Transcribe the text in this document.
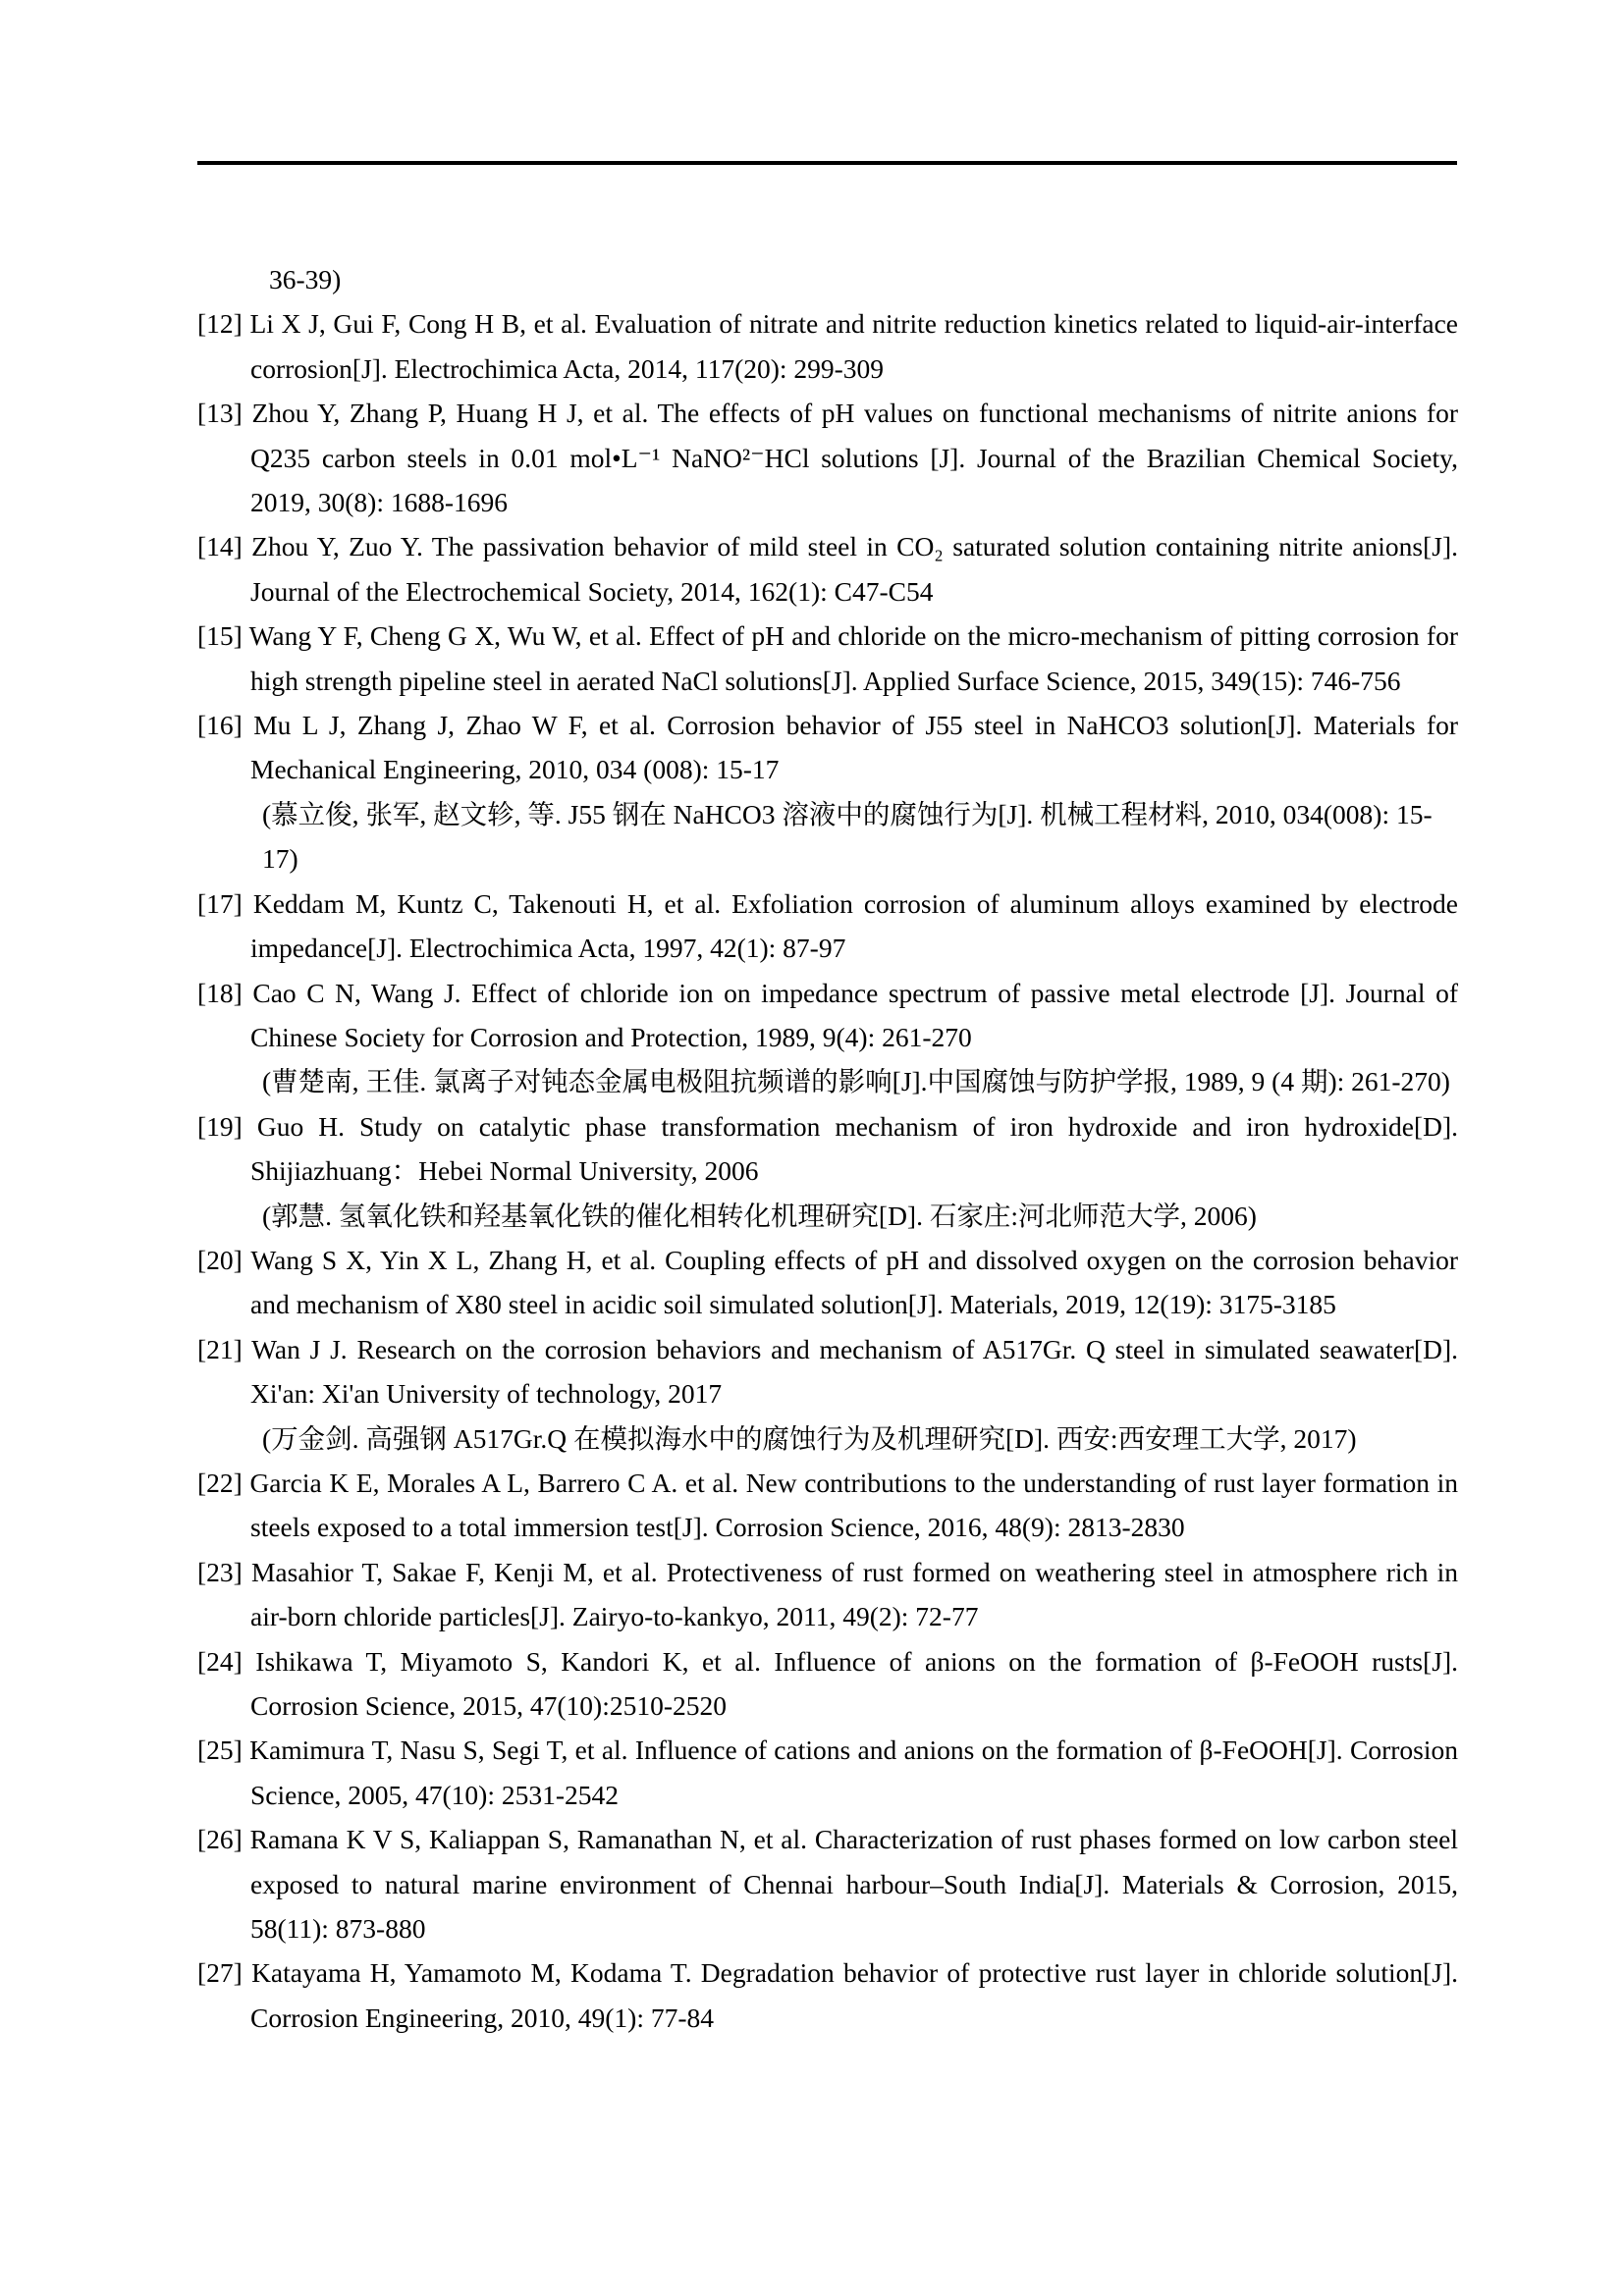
36-39)

[12] Li X J, Gui F, Cong H B, et al. Evaluation of nitrate and nitrite reduction kinetics related to liquid-air-interface corrosion[J]. Electrochimica Acta, 2014, 117(20): 299-309

[13] Zhou Y, Zhang P, Huang H J, et al. The effects of pH values on functional mechanisms of nitrite anions for Q235 carbon steels in 0.01 mol•L⁻¹ NaNO²⁻HCl solutions [J]. Journal of the Brazilian Chemical Society, 2019, 30(8): 1688-1696

[14] Zhou Y, Zuo Y. The passivation behavior of mild steel in CO₂ saturated solution containing nitrite anions[J]. Journal of the Electrochemical Society, 2014, 162(1): C47-C54

[15] Wang Y F, Cheng G X, Wu W, et al. Effect of pH and chloride on the micro-mechanism of pitting corrosion for high strength pipeline steel in aerated NaCl solutions[J]. Applied Surface Science, 2015, 349(15): 746-756

[16] Mu L J, Zhang J, Zhao W F, et al. Corrosion behavior of J55 steel in NaHCO3 solution[J]. Materials for Mechanical Engineering, 2010, 034 (008): 15-17

(慕立俊, 张军, 赵文轸, 等. J55 钢在 NaHCO3 溶液中的腐蚀行为[J]. 机械工程材料, 2010, 034(008): 15-17)

[17] Keddam M, Kuntz C, Takenouti H, et al. Exfoliation corrosion of aluminum alloys examined by electrode impedance[J]. Electrochimica Acta, 1997, 42(1): 87-97

[18] Cao C N, Wang J. Effect of chloride ion on impedance spectrum of passive metal electrode [J]. Journal of Chinese Society for Corrosion and Protection, 1989, 9(4): 261-270

(曹楚南, 王佳. 氯离子对钝态金属电极阻抗频谱的影响[J].中国腐蚀与防护学报, 1989, 9 (4 期): 261-270)

[19] Guo H. Study on catalytic phase transformation mechanism of iron hydroxide and iron hydroxide[D]. Shijiazhuang：Hebei Normal University, 2006

(郭慧. 氢氧化铁和羟基氧化铁的催化相转化机理研究[D]. 石家庄:河北师范大学, 2006)

[20] Wang S X, Yin X L, Zhang H, et al. Coupling effects of pH and dissolved oxygen on the corrosion behavior and mechanism of X80 steel in acidic soil simulated solution[J]. Materials, 2019, 12(19): 3175-3185

[21] Wan J J. Research on the corrosion behaviors and mechanism of A517Gr. Q steel in simulated seawater[D]. Xi'an: Xi'an University of technology, 2017

(万金剑. 高强钢 A517Gr.Q 在模拟海水中的腐蚀行为及机理研究[D]. 西安:西安理工大学, 2017)

[22] Garcia K E, Morales A L, Barrero C A. et al. New contributions to the understanding of rust layer formation in steels exposed to a total immersion test[J]. Corrosion Science, 2016, 48(9): 2813-2830

[23] Masahior T, Sakae F, Kenji M, et al. Protectiveness of rust formed on weathering steel in atmosphere rich in air-born chloride particles[J]. Zairyo-to-kankyo, 2011, 49(2): 72-77

[24] Ishikawa T, Miyamoto S, Kandori K, et al. Influence of anions on the formation of β-FeOOH rusts[J]. Corrosion Science, 2015, 47(10):2510-2520

[25] Kamimura T, Nasu S, Segi T, et al. Influence of cations and anions on the formation of β-FeOOH[J]. Corrosion Science, 2005, 47(10): 2531-2542

[26] Ramana K V S, Kaliappan S, Ramanathan N, et al. Characterization of rust phases formed on low carbon steel exposed to natural marine environment of Chennai harbour–South India[J]. Materials & Corrosion, 2015, 58(11): 873-880

[27] Katayama H, Yamamoto M, Kodama T. Degradation behavior of protective rust layer in chloride solution[J]. Corrosion Engineering, 2010, 49(1): 77-84
